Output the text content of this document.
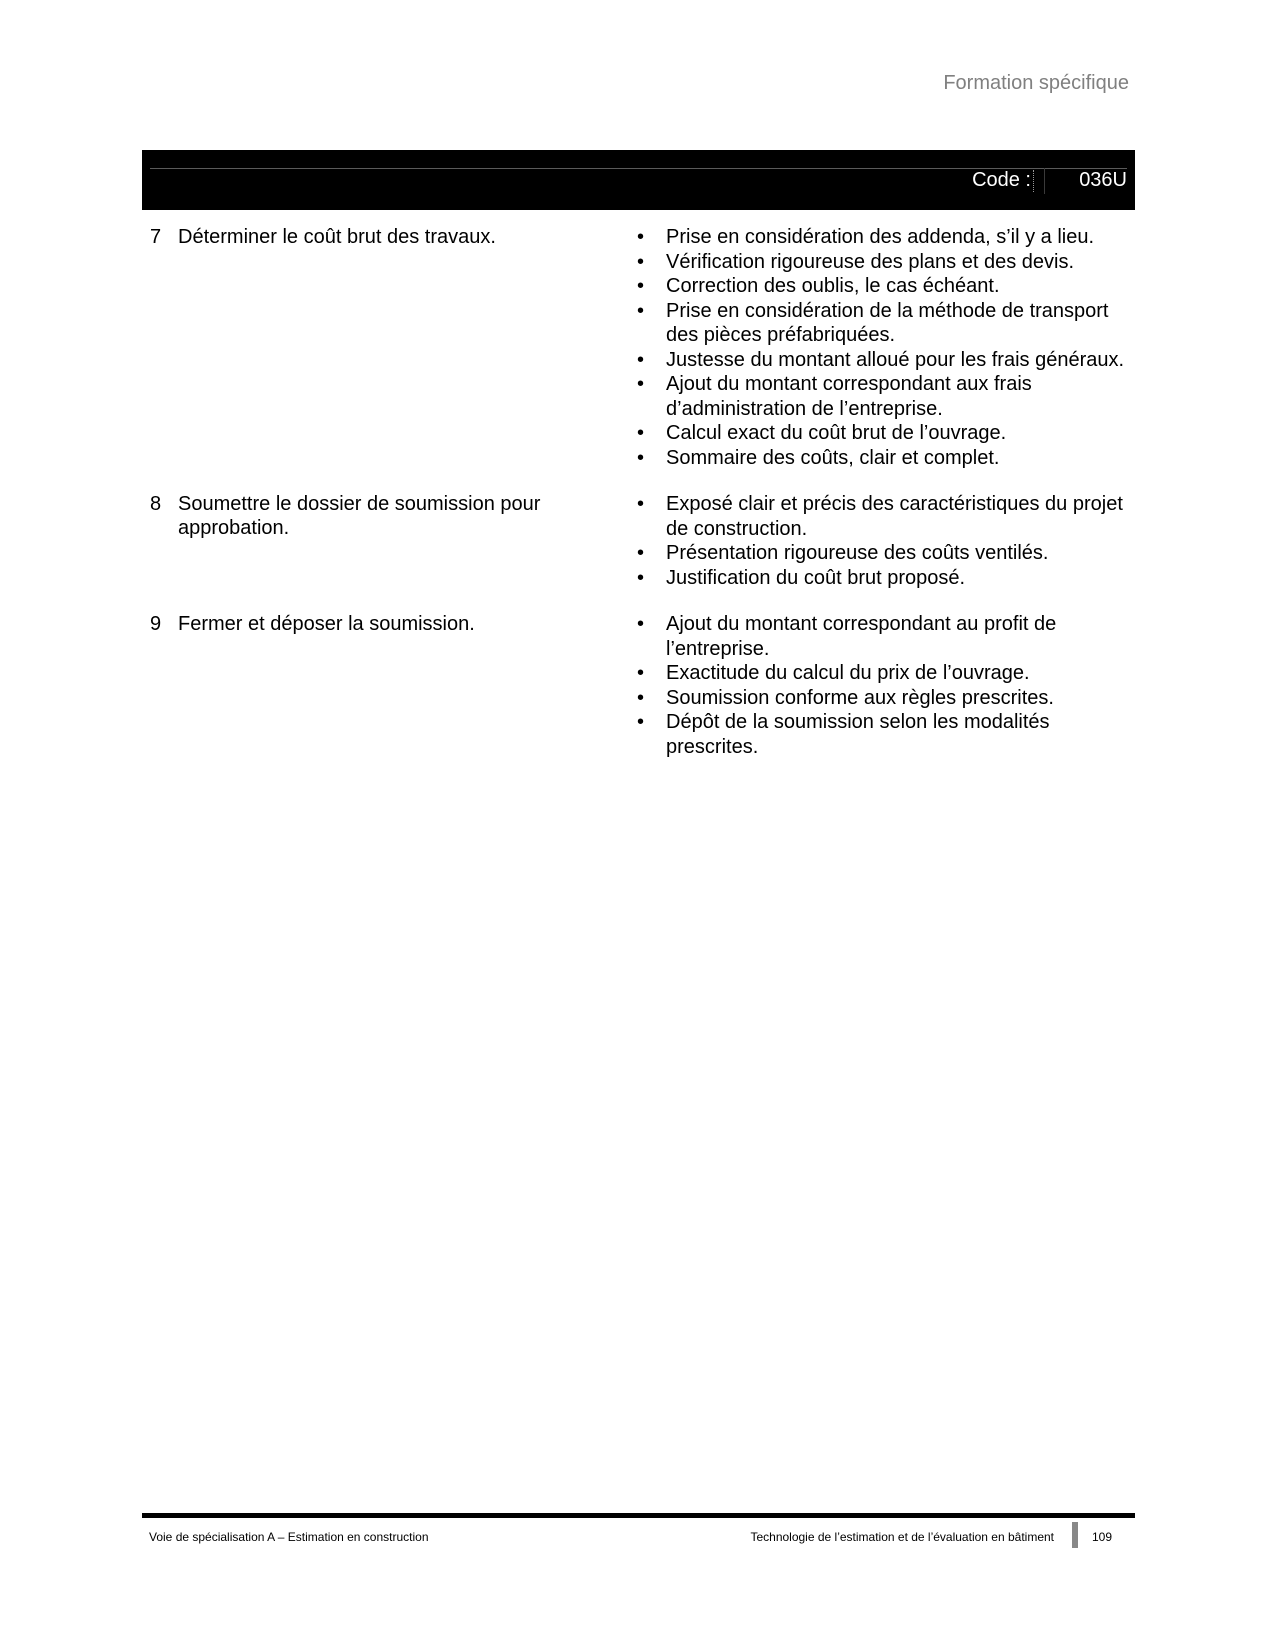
Formation spécifique
Code : 036U
7 Déterminer le coût brut des travaux.	•	Prise en considération des addenda, s’il y a lieu.
•	Vérification rigoureuse des plans et des devis.
•	Correction des oublis, le cas échéant.
•	Prise en considération de la méthode de transport des pièces préfabriquées.
•	Justesse du montant alloué pour les frais généraux.
•	Ajout du montant correspondant aux frais d’administration de l’entreprise.
•	Calcul exact du coût brut de l’ouvrage.
•	Sommaire des coûts, clair et complet.
8 Soumettre le dossier de soumission pour approbation.
•	Exposé clair et précis des caractéristiques du projet de construction.
•	Présentation rigoureuse des coûts ventilés.
•	Justification du coût brut proposé.
9 Fermer et déposer la soumission.	•	Ajout du montant correspondant au profit de l’entreprise.
•	Exactitude du calcul du prix de l’ouvrage.
•	Soumission conforme aux règles prescrites.
•	Dépôt de la soumission selon les modalités prescrites.
Voie de spécialisation A – Estimation en construction	Technologie de l’estimation et de l’évaluation en bâtiment	109
